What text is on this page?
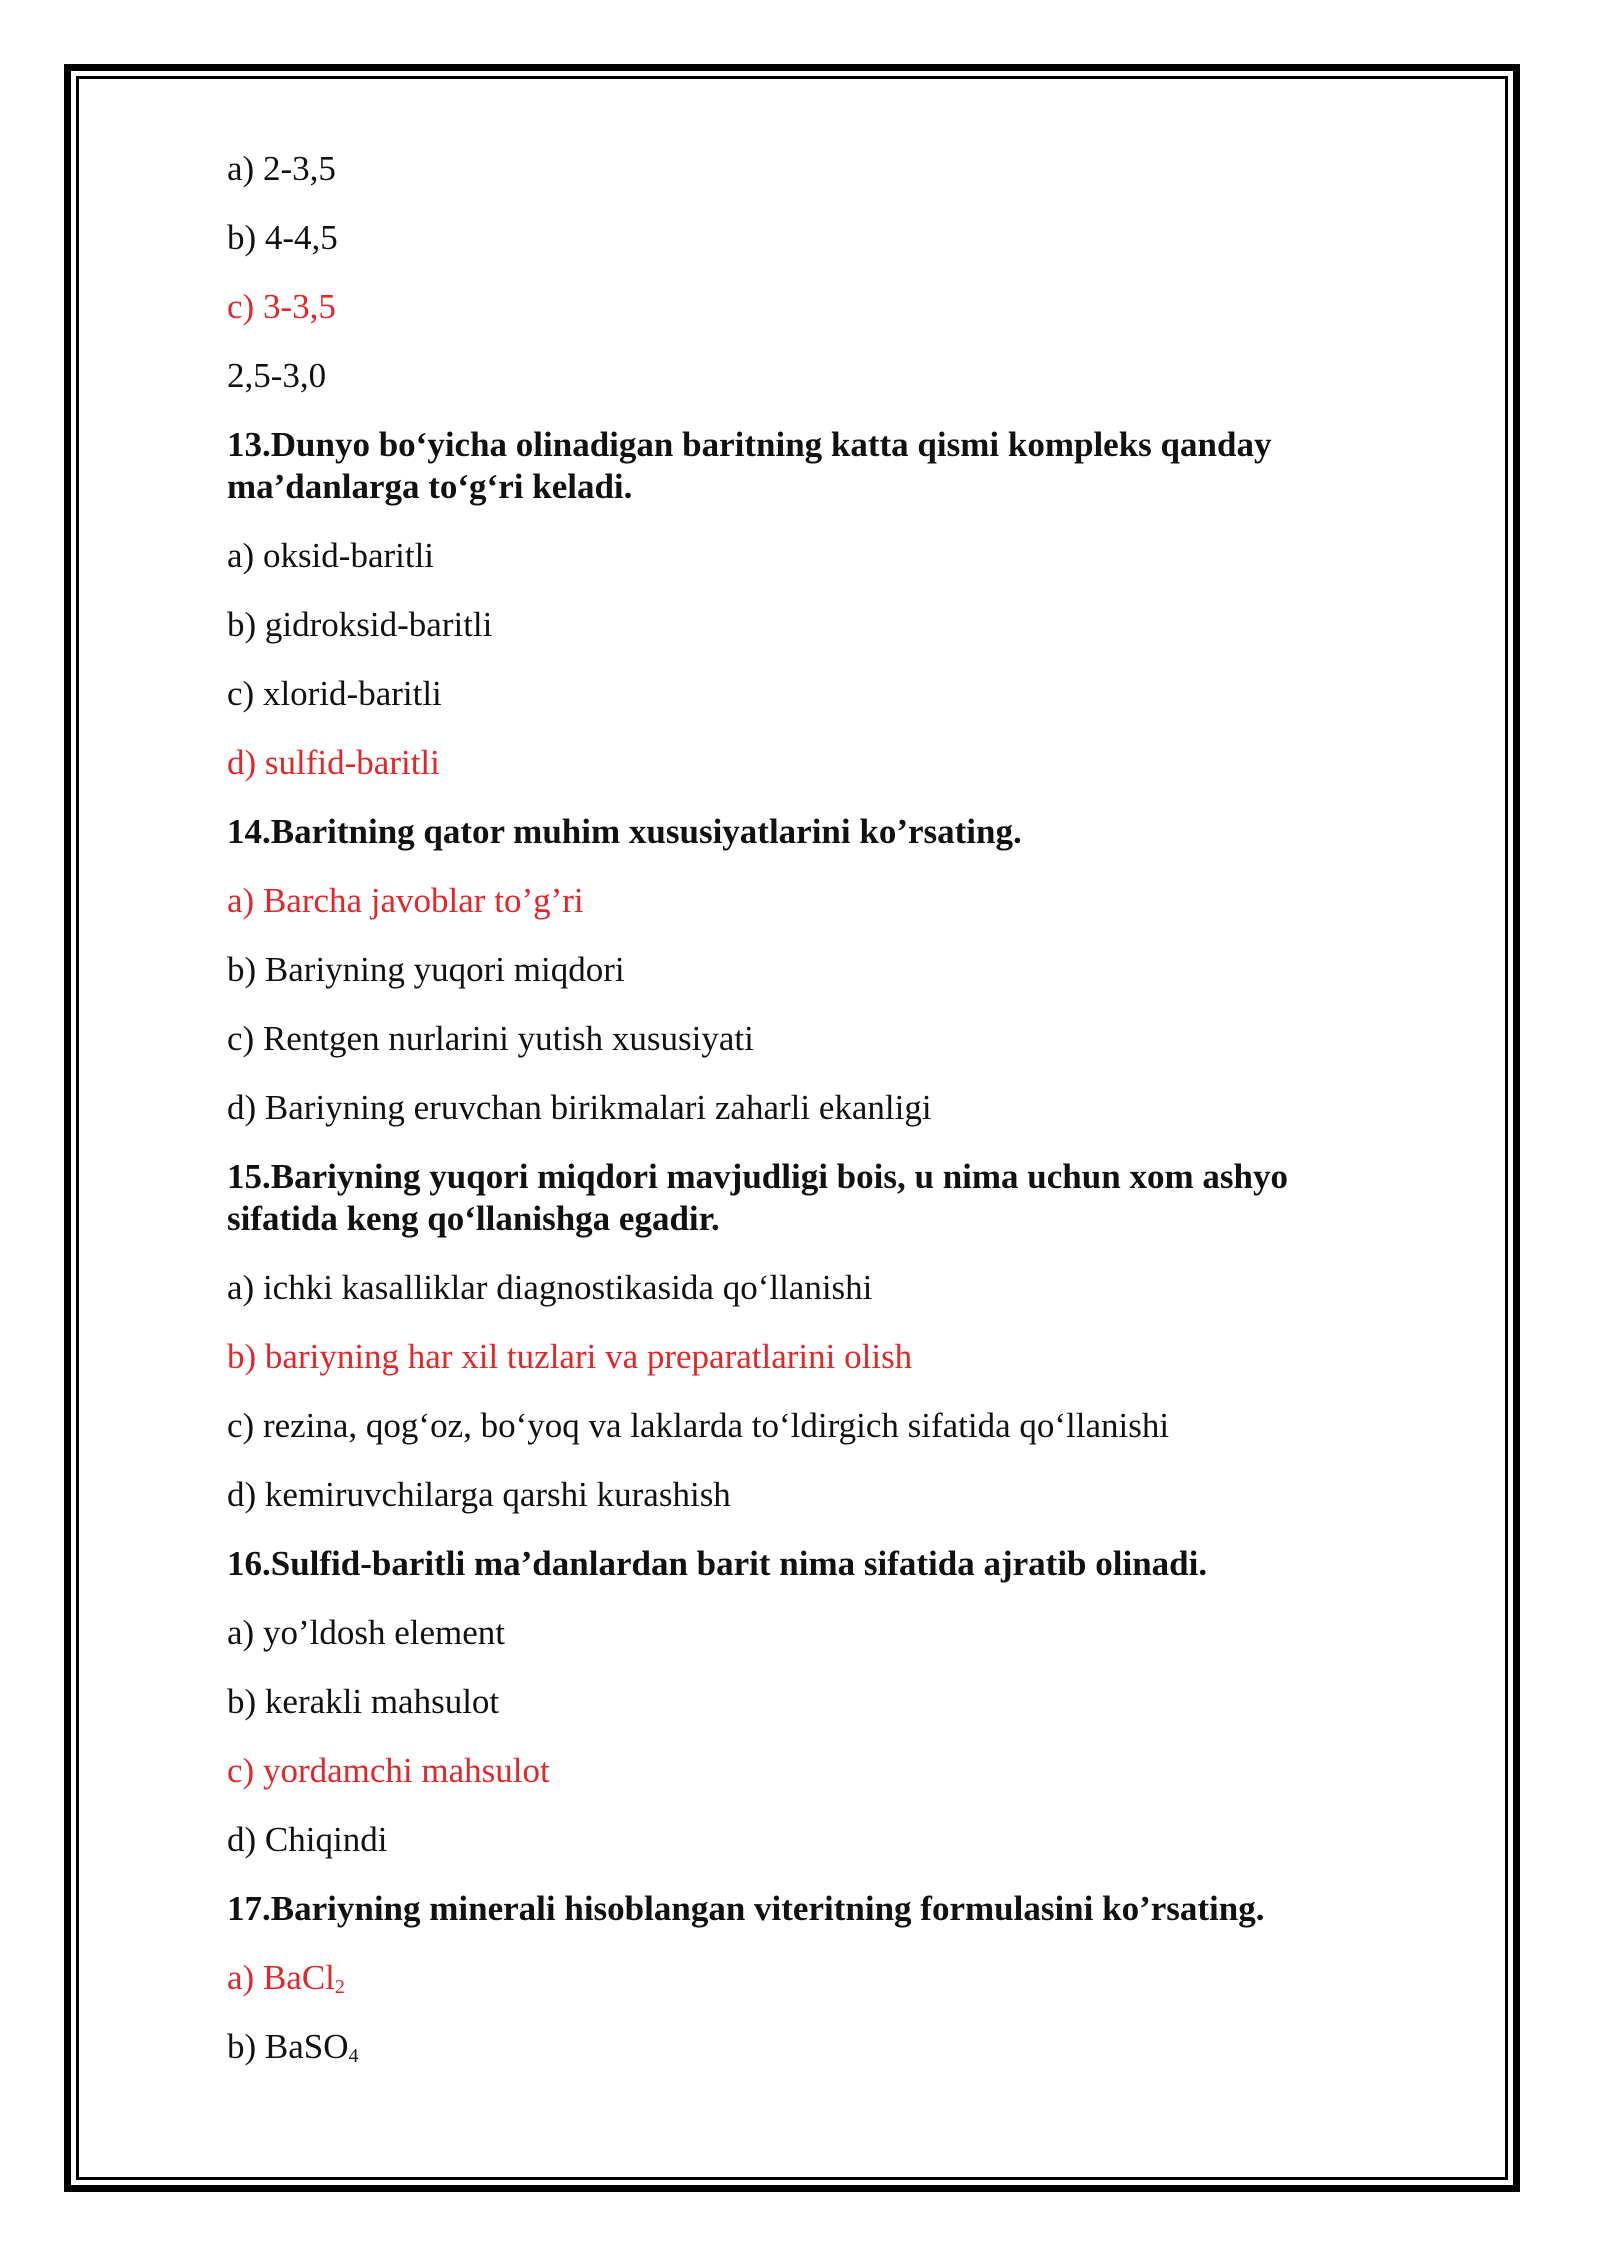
a) 2-3,5
b) 4-4,5
c) 3-3,5
2,5-3,0
13.Dunyo bo‘yicha olinadigan baritning katta qismi kompleks qanday ma’danlarga to‘g‘ri keladi.
a) oksid-baritli
b) gidroksid-baritli
c) xlorid-baritli
d) sulfid-baritli
14.Baritning qator muhim xususiyatlarini ko’rsating.
a) Barcha javoblar to’g’ri
b) Bariyning yuqori miqdori
c) Rentgen nurlarini yutish xususiyati
d) Bariyning eruvchan birikmalari zaharli ekanligi
15.Bariyning yuqori miqdori mavjudligi bois, u nima uchun xom ashyo sifatida keng qo‘llanishga egadir.
a) ichki kasalliklar diagnostikasida qo‘llanishi
b) bariyning har xil tuzlari va preparatlarini olish
c) rezina, qog‘oz, bo‘yoq va laklarda to‘ldirgich sifatida qo‘llanishi
d) kemiruvchilarga qarshi kurashish
16.Sulfid-baritli ma’danlardan barit nima sifatida ajratib olinadi.
a) yo’ldosh element
b) kerakli mahsulot
c) yordamchi mahsulot
d) Chiqindi
17.Bariyning minerali hisoblangan viteritning formulasini ko’rsating.
a) BaCl$_2$
b) BaSO$_4$
